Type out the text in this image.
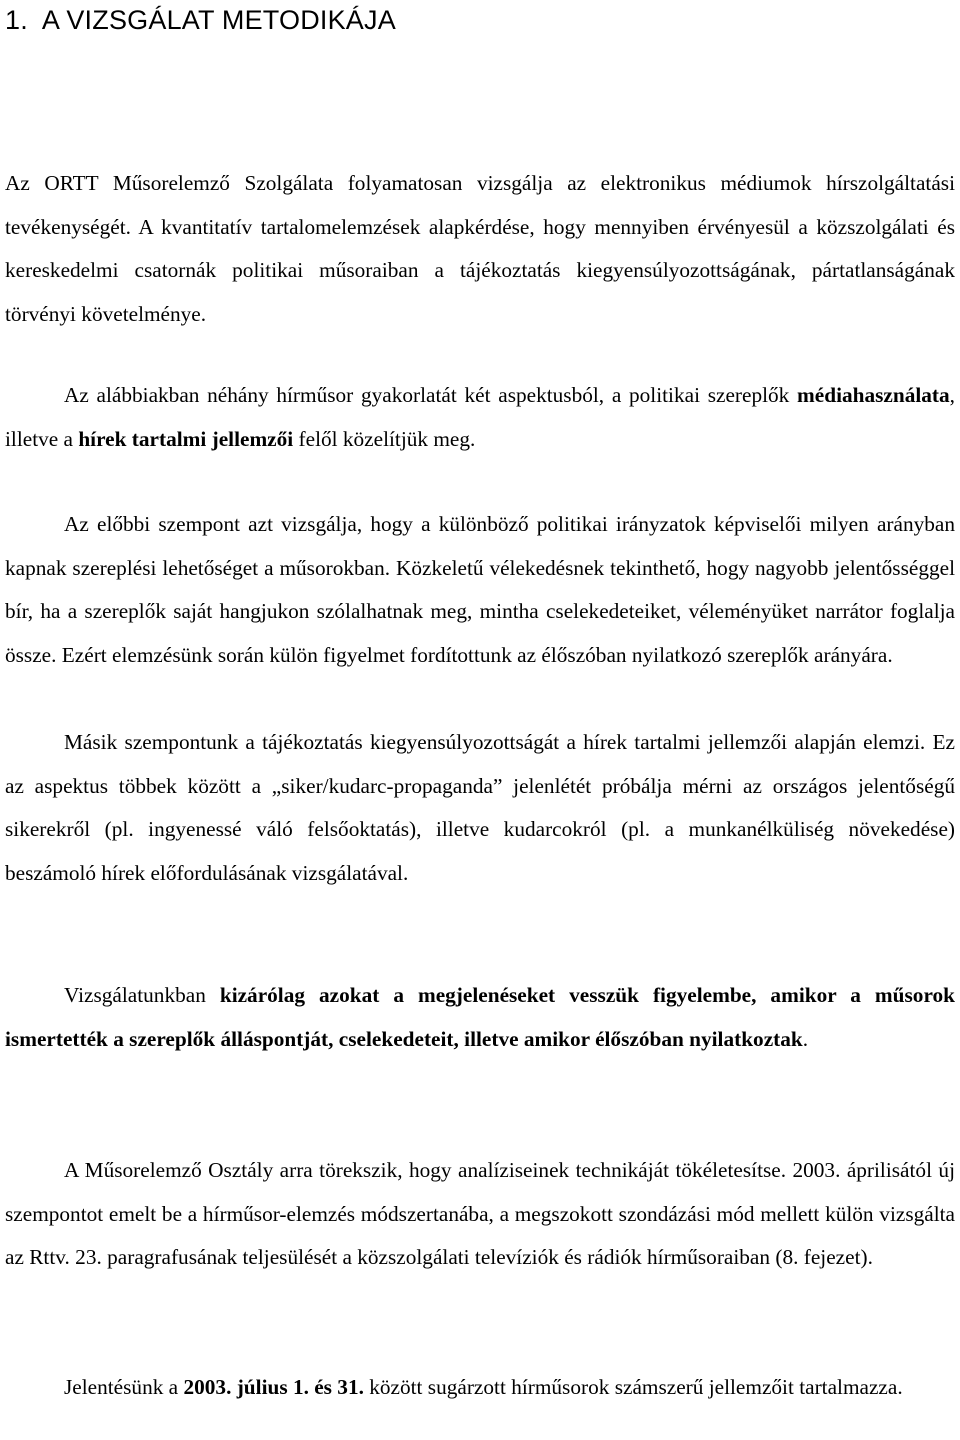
1. A VIZSGÁLAT METODIKÁJA

Az ORTT Műsorelemző Szolgálata folyamatosan vizsgálja az elektronikus médiumok hírszolgáltatási tevékenységét. A kvantitatív tartalomelemzések alapkérdése, hogy mennyiben érvényesül a közszolgálati és kereskedelmi csatornák politikai műsoraiban a tájékoztatás kiegyensúlyozottságának, pártatlanságának törvényi követelménye.

Az alábbiakban néhány hírműsor gyakorlatát két aspektusból, a politikai szereplők médiahasználata, illetve a hírek tartalmi jellemzői felől közelítjük meg.

Az előbbi szempont azt vizsgálja, hogy a különböző politikai irányzatok képviselői milyen arányban kapnak szereplési lehetőséget a műsorokban. Közkeletű vélekedésnek tekinthető, hogy nagyobb jelentősséggel bír, ha a szereplők saját hangjukon szólalhatnak meg, mintha cselekedeteiket, véleményüket narrátor foglalja össze. Ezért elemzésünk során külön figyelmet fordítottunk az élőszóban nyilatkozó szereplők arányára.

Másik szempontunk a tájékoztatás kiegyensúlyozottságát a hírek tartalmi jellemzői alapján elemzi. Ez az aspektus többek között a „siker/kudarc-propaganda” jelenlétét próbálja mérni az országos jelentőségű sikerekről (pl. ingyenessé váló felsőoktatás), illetve kudarcokról (pl. a munkanélküliség növekedése) beszámoló hírek előfordulásának vizsgálatával.

Vizsgálatunkban kizárólag azokat a megjelenéseket vesszük figyelembe, amikor a műsorok ismertették a szereplők álláspontját, cselekedeteit, illetve amikor élőszóban nyilatkoztak.

A Műsorelemző Osztály arra törekszik, hogy analíziseinek technikáját tökéletesítse. 2003. áprilisától új szempontot emelt be a hírműsor-elemzés módszertanába, a megszokott szondázási mód mellett külön vizsgálta az Rttv. 23. paragrafusának teljesülését a közszolgálati televíziók és rádiók hírműsoraiban (8. fejezet).

Jelentésünk a 2003. július 1. és 31. között sugárzott hírműsorok számszerű jellemzőit tartalmazza.
